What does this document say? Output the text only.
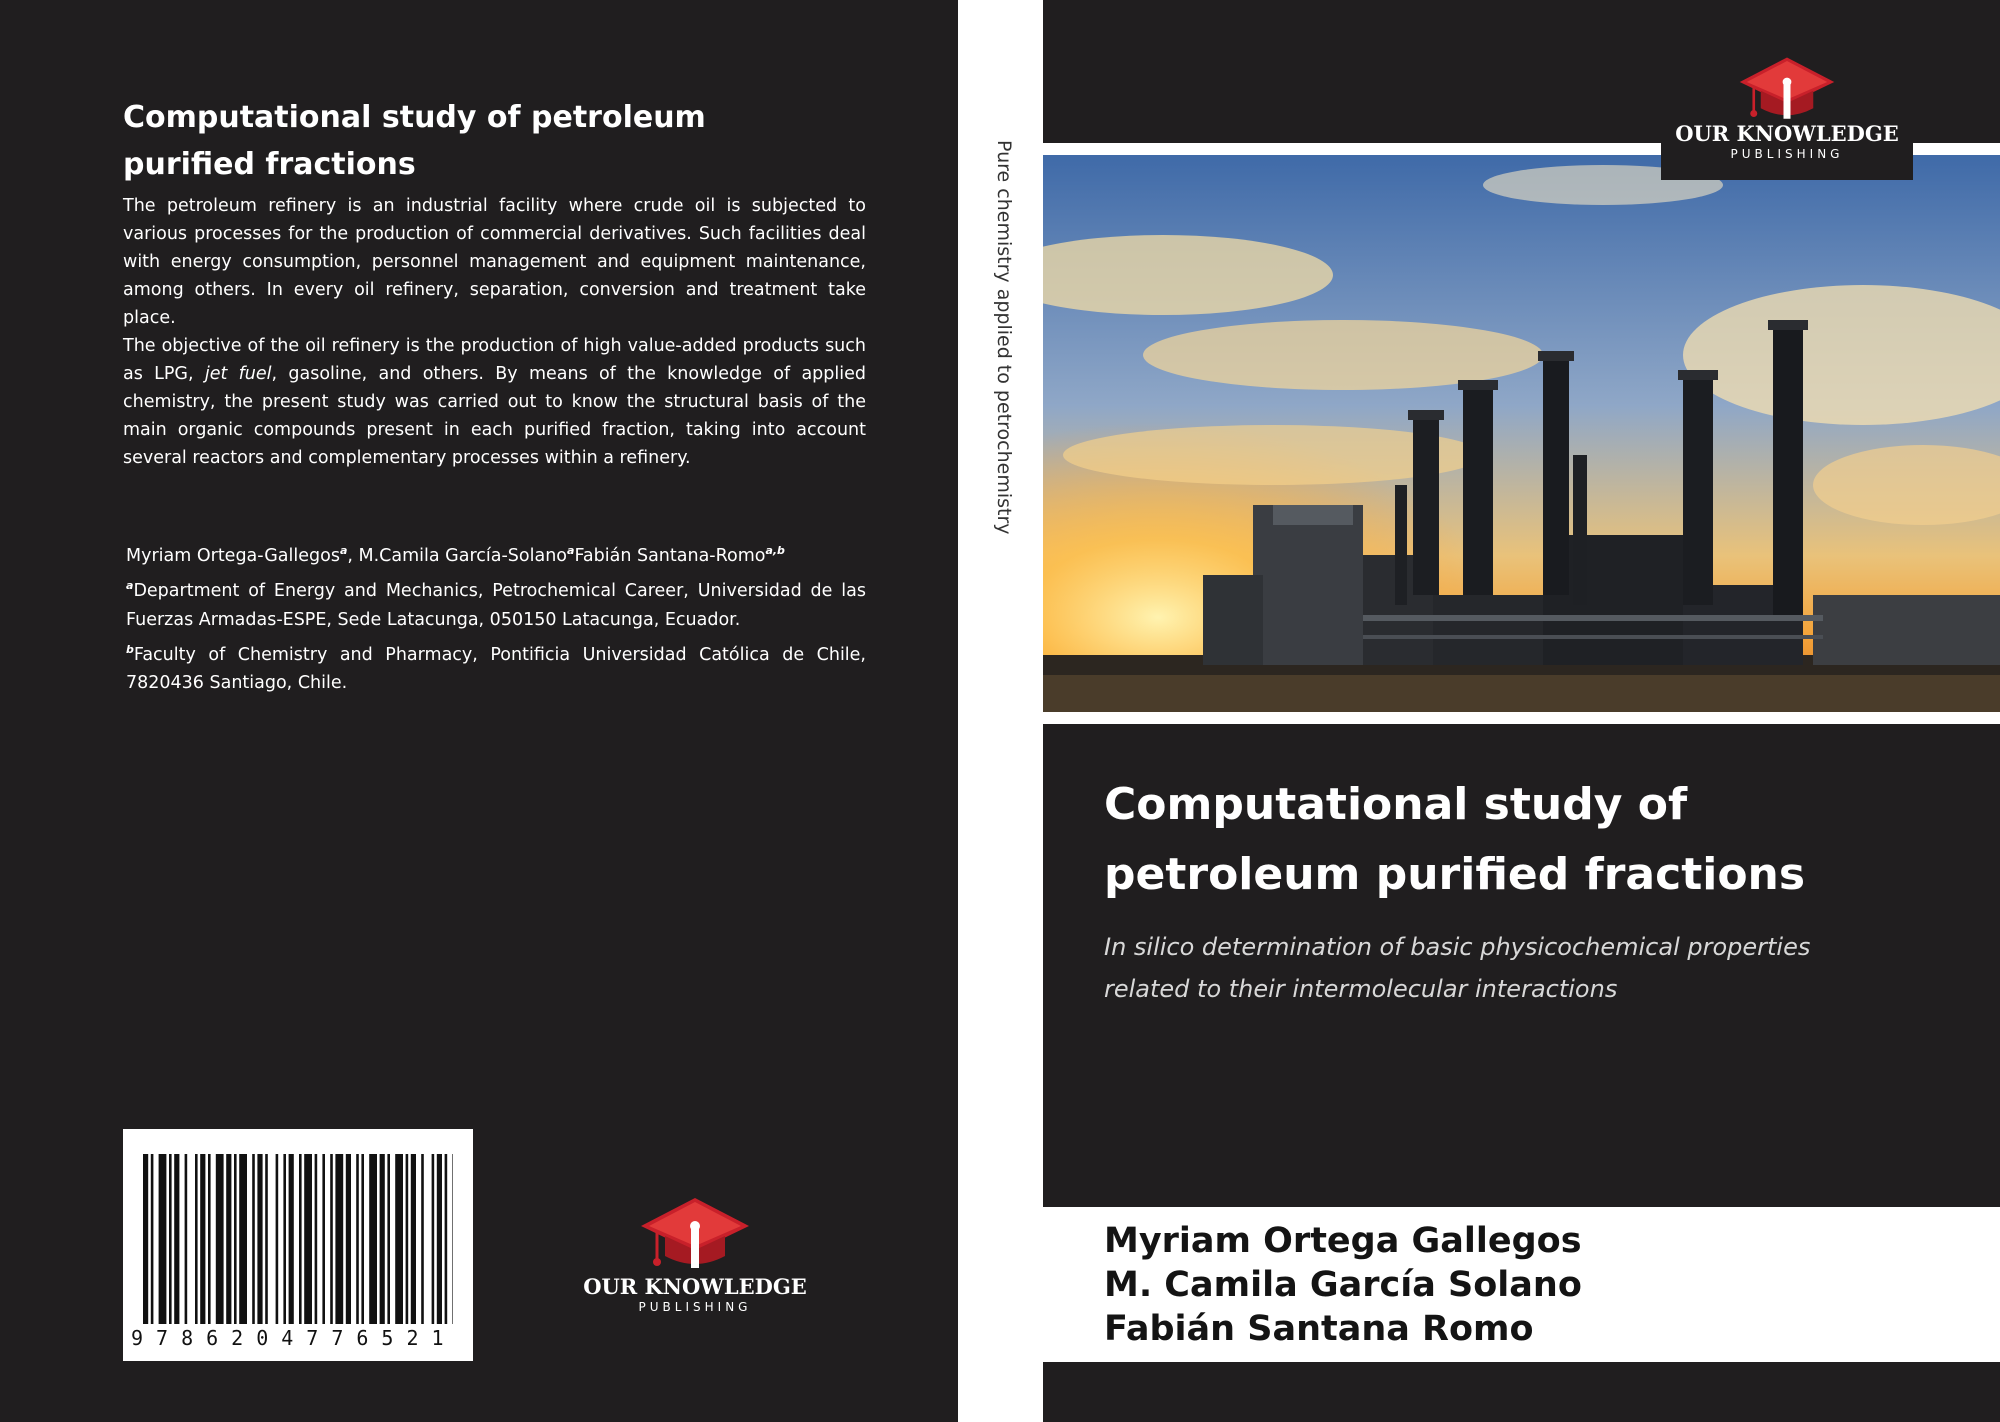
Computational study of petroleum
purified fractions

The petroleum refinery is an industrial facility where crude oil is subjected to various processes for the production of commercial derivatives. Such facilities deal with energy consumption, personnel management and equipment maintenance, among others. In every oil refinery, separation, conversion and treatment take place.

The objective of the oil refinery is the production of high value-added products such as LPG, jet fuel, gasoline, and others. By means of the knowledge of applied chemistry, the present study was carried out to know the structural basis of the main organic compounds present in each purified fraction, taking into account several reactors and complementary processes within a refinery.

Myriam Ortega-Gallegos$^a$, M.Camila García-Solano$^a$Fabián Santana-Romo$^{a,b}$
$^a$Department of Energy and Mechanics, Petrochemical Career, Universidad de las Fuerzas Armadas-ESPE, Sede Latacunga, 050150 Latacunga, Ecuador.
$^b$Faculty of Chemistry and Pharmacy, Pontificia Universidad Católica de Chile, 7820436 Santiago, Chile.
9786204776521
OUR KNOWLEDGE
PUBLISHING
Pure chemistry applied to petrochemistry
OUR KNOWLEDGE
PUBLISHING
Computational study of
petroleum purified fractions

In silico determination of basic physicochemical properties
related to their intermolecular interactions

Myriam Ortega Gallegos
M. Camila García Solano
Fabián Santana Romo
